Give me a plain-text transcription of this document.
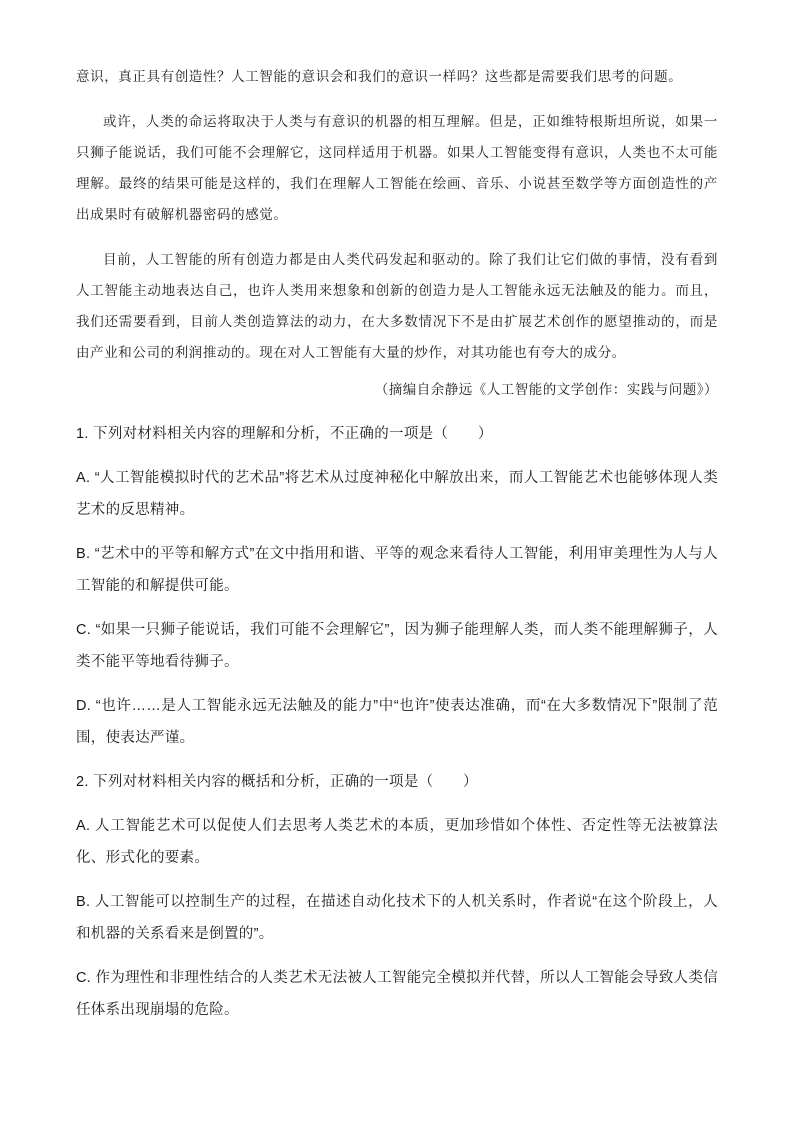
意识，真正具有创造性？人工智能的意识会和我们的意识一样吗？这些都是需要我们思考的问题。

或许，人类的命运将取决于人类与有意识的机器的相互理解。但是，正如维特根斯坦所说，如果一只狮子能说话，我们可能不会理解它，这同样适用于机器。如果人工智能变得有意识，人类也不太可能理解。最终的结果可能是这样的，我们在理解人工智能在绘画、音乐、小说甚至数学等方面创造性的产出成果时有破解机器密码的感觉。

目前，人工智能的所有创造力都是由人类代码发起和驱动的。除了我们让它们做的事情，没有看到人工智能主动地表达自己，也许人类用来想象和创新的创造力是人工智能永远无法触及的能力。而且，我们还需要看到，目前人类创造算法的动力，在大多数情况下不是由扩展艺术创作的愿望推动的，而是由产业和公司的利润推动的。现在对人工智能有大量的炒作，对其功能也有夸大的成分。

（摘编自余静远《人工智能的文学创作：实践与问题》）

1. 下列对材料相关内容的理解和分析，不正确的一项是（　　）

A. “人工智能模拟时代的艺术品”将艺术从过度神秘化中解放出来，而人工智能艺术也能够体现人类艺术的反思精神。

B. “艺术中的平等和解方式”在文中指用和谐、平等的观念来看待人工智能，利用审美理性为人与人工智能的和解提供可能。

C. “如果一只狮子能说话，我们可能不会理解它”，因为狮子能理解人类，而人类不能理解狮子，人类不能平等地看待狮子。

D. “也许……是人工智能永远无法触及的能力”中“也许”使表达准确，而“在大多数情况下”限制了范围，使表达严谨。

2. 下列对材料相关内容的概括和分析，正确的一项是（　　）

A. 人工智能艺术可以促使人们去思考人类艺术的本质，更加珍惜如个体性、否定性等无法被算法化、形式化的要素。

B. 人工智能可以控制生产的过程，在描述自动化技术下的人机关系时，作者说“在这个阶段上，人和机器的关系看来是倒置的”。

C. 作为理性和非理性结合的人类艺术无法被人工智能完全模拟并代替，所以人工智能会导致人类信任体系出现崩塌的危险。
